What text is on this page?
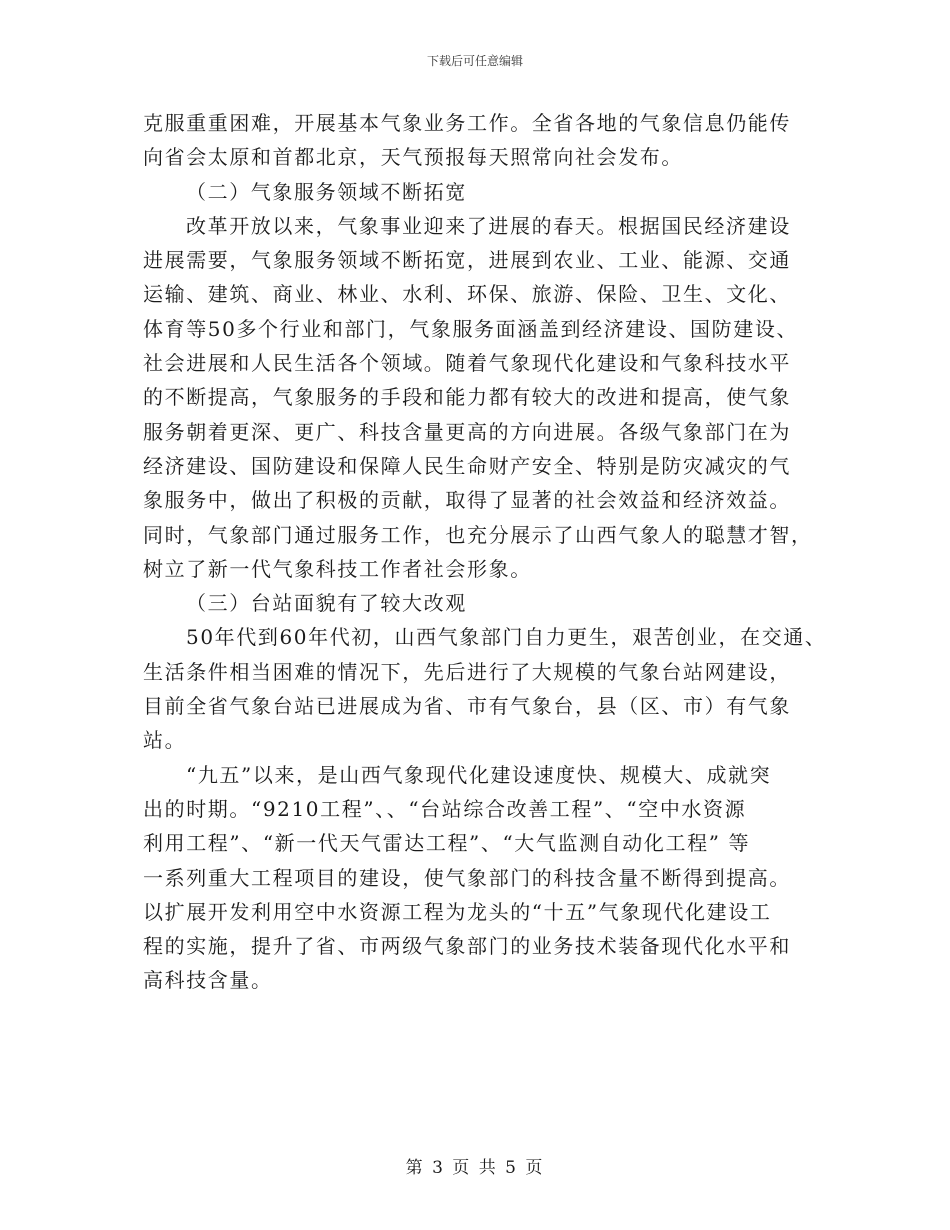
下载后可任意编辑
克服重重困难，开展基本气象业务工作。全省各地的气象信息仍能传
向省会太原和首都北京，天气预报每天照常向社会发布。
（二）气象服务领域不断拓宽
改革开放以来，气象事业迎来了进展的春天。根据国民经济建设
进展需要，气象服务领域不断拓宽，进展到农业、工业、能源、交通
运输、建筑、商业、林业、水利、环保、旅游、保险、卫生、文化、
体育等50多个行业和部门，气象服务面涵盖到经济建设、国防建设、
社会进展和人民生活各个领域。随着气象现代化建设和气象科技水平
的不断提高，气象服务的手段和能力都有较大的改进和提高，使气象
服务朝着更深、更广、科技含量更高的方向进展。各级气象部门在为
经济建设、国防建设和保障人民生命财产安全、特别是防灾减灾的气
象服务中，做出了积极的贡献，取得了显著的社会效益和经济效益。
同时，气象部门通过服务工作，也充分展示了山西气象人的聪慧才智，
树立了新一代气象科技工作者社会形象。
（三）台站面貌有了较大改观
50年代到60年代初，山西气象部门自力更生，艰苦创业，在交通、
生活条件相当困难的情况下，先后进行了大规模的气象台站网建设，
目前全省气象台站已进展成为省、市有气象台，县（区、市）有气象
站。
“九五”以来，是山西气象现代化建设速度快、规模大、成就突
出的时期。“9210工程”、、“台站综合改善工程”、“空中水资源
利用工程”、“新一代天气雷达工程”、“大气监测自动化工程” 等
一系列重大工程项目的建设，使气象部门的科技含量不断得到提高。
以扩展开发利用空中水资源工程为龙头的“十五”气象现代化建设工
程的实施，提升了省、市两级气象部门的业务技术装备现代化水平和
高科技含量。
第 3 页 共 5 页
